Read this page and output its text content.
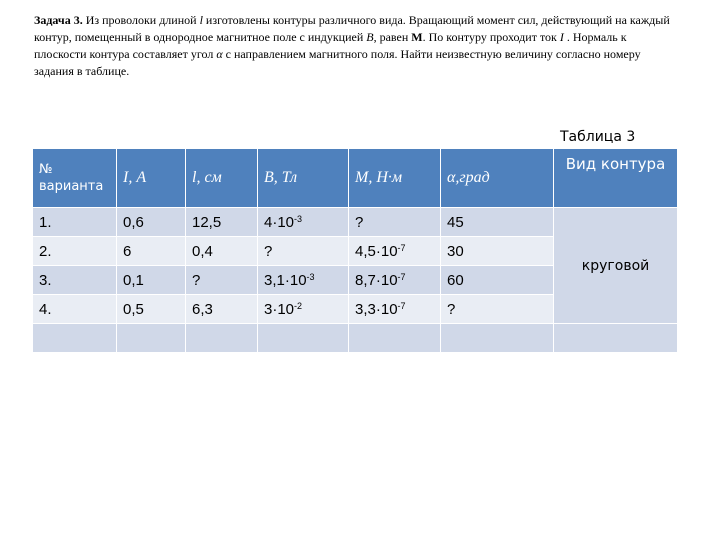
Задача 3. Из проволоки длиной l изготовлены контуры различного вида. Вращающий момент сил, действующий на каждый контур, помещенный в однородное магнитное поле с индукцией B, равен M. По контуру проходит ток I . Нормаль к плоскости контура составляет угол α с направлением магнитного поля. Найти неизвестную величину согласно номеру задания в таблице.
Таблица 3
№ варианта	I, А	l, см	B, Тл	M, Н·м	α,град	Вид контура
1.	0,6	12,5	$4\cdot 10^{-3}$	?	45	круговой
2.	6	0,4	?	$4,5\cdot 10^{-7}$	30	
3.	0,1	?	$3,1\cdot 10^{-3}$	$8,7\cdot 10^{-7}$	60	
4.	0,5	6,3	$3\cdot 10^{-2}$	$3,3\cdot 10^{-7}$	?	
